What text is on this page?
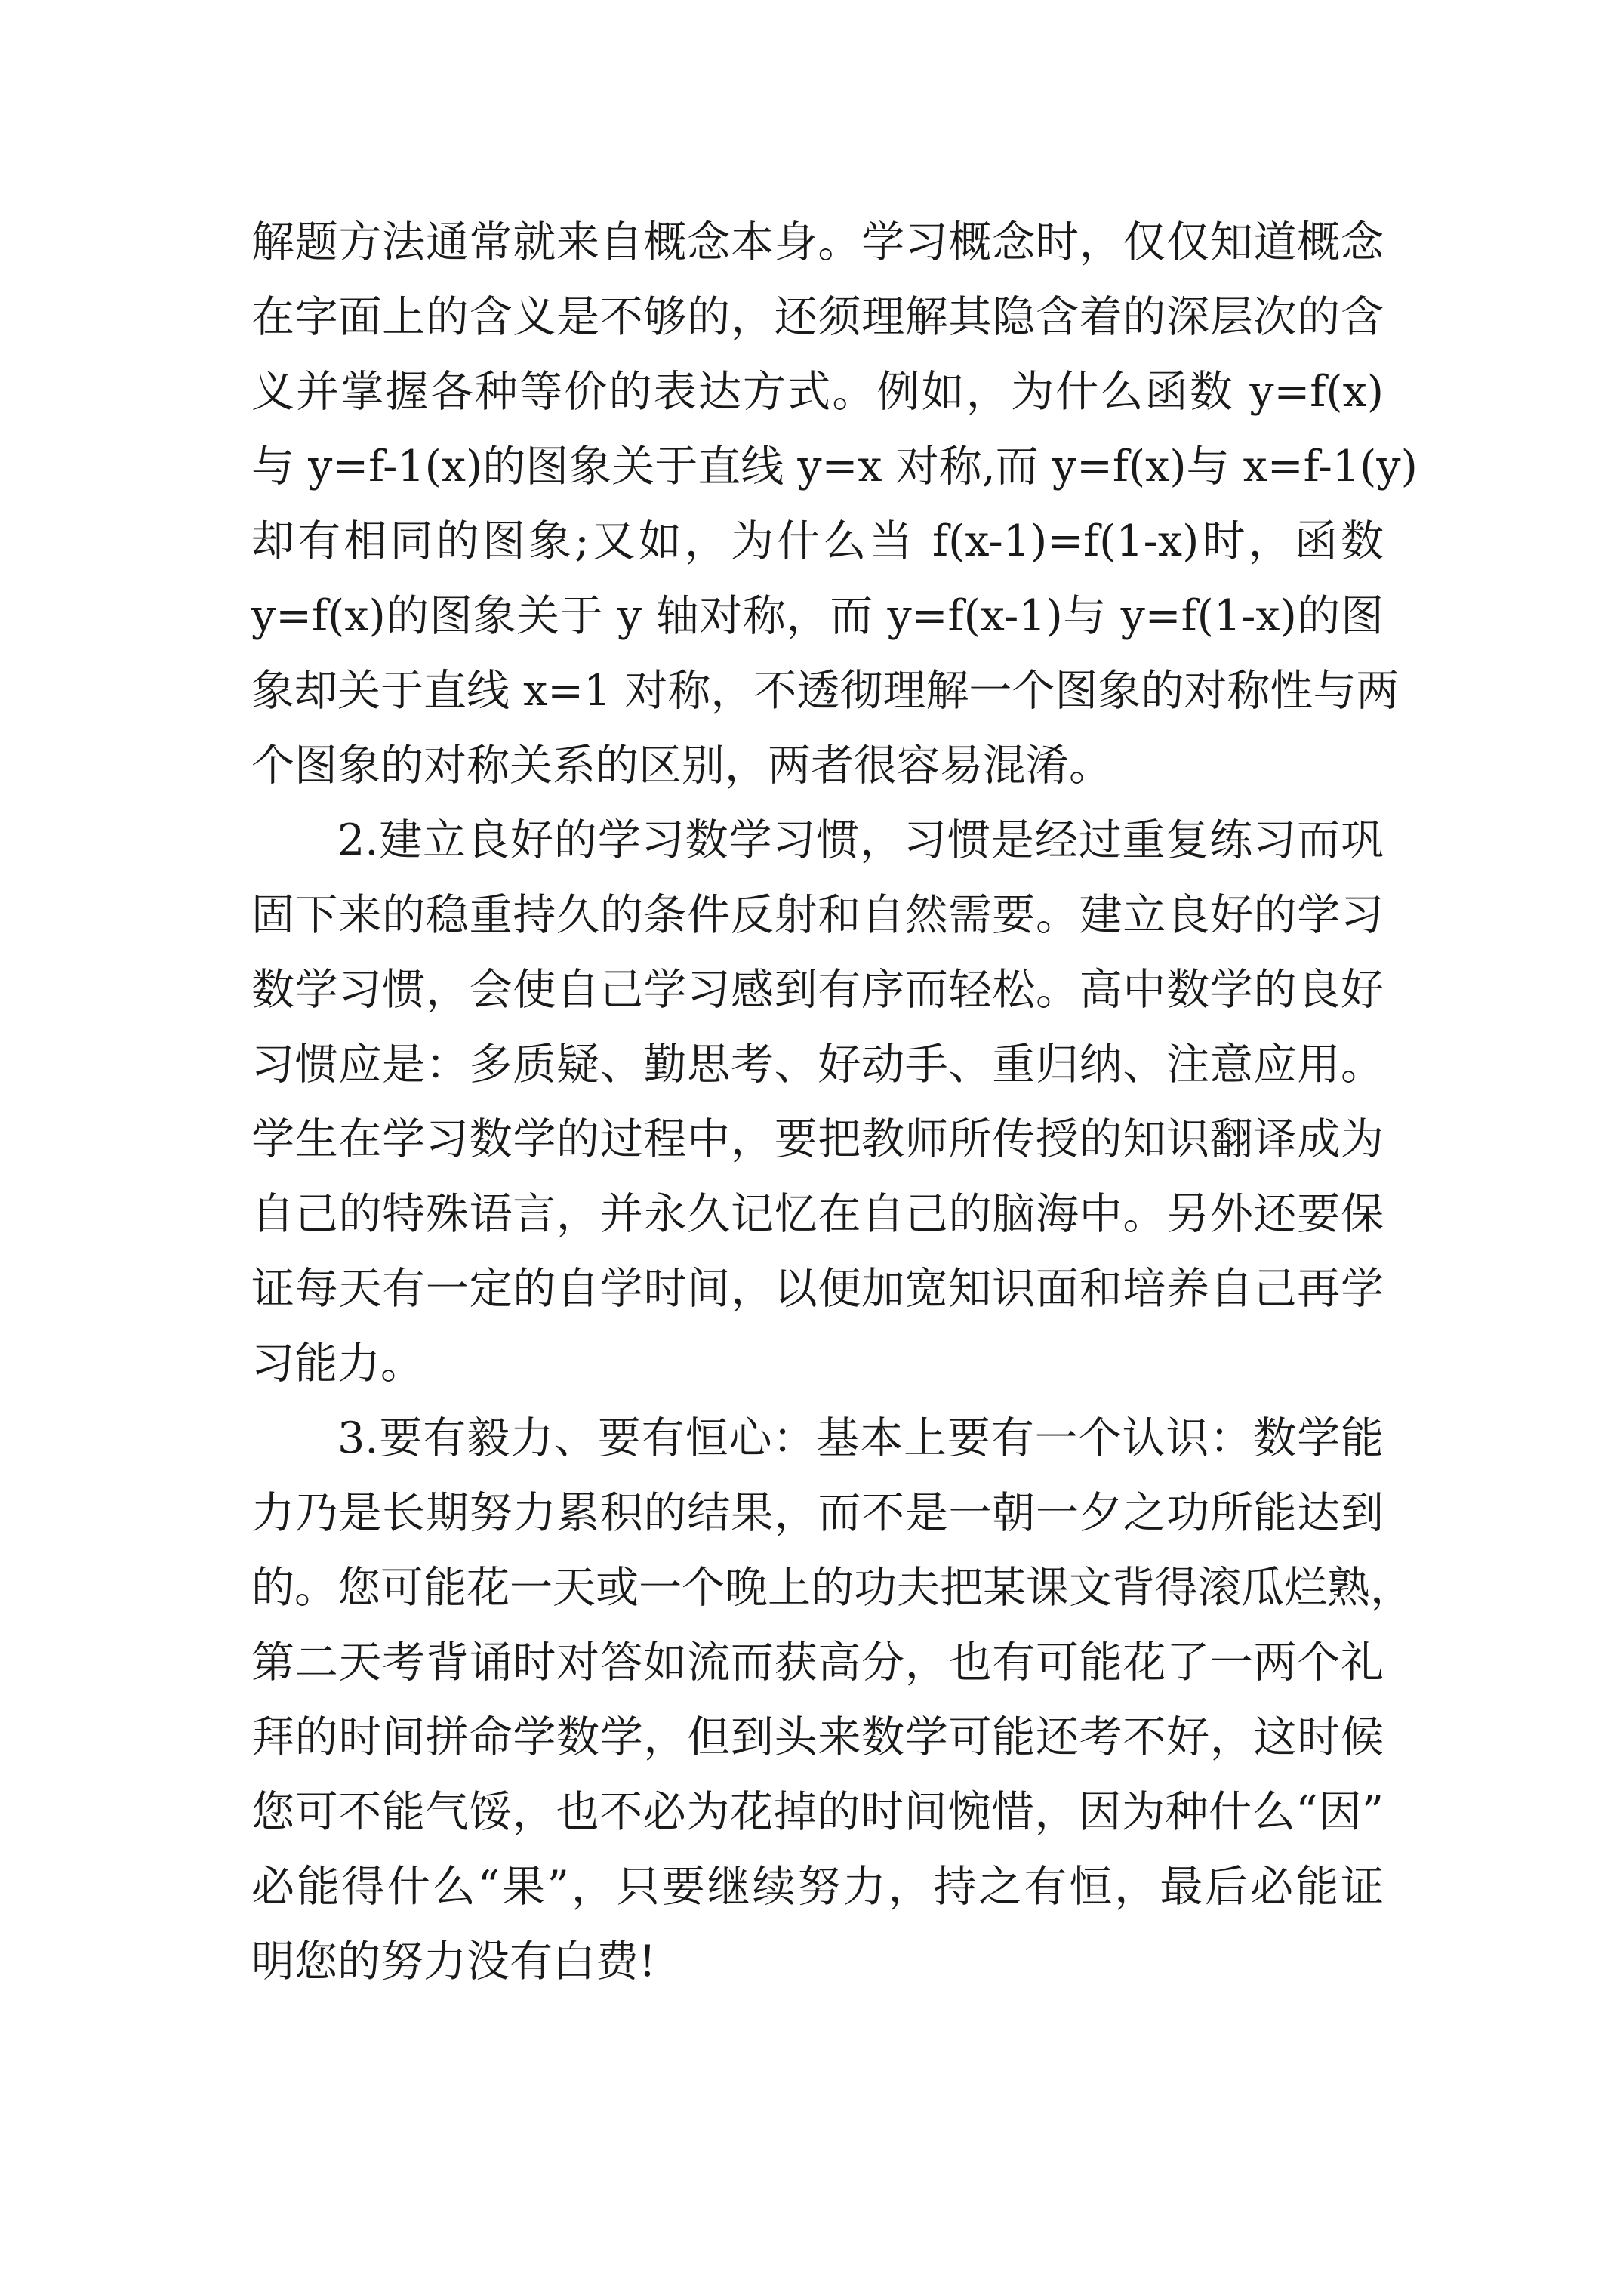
解题方法通常就来自概念本身。学习概念时，仅仅知道概念
在字面上的含义是不够的，还须理解其隐含着的深层次的含
义并掌握各种等价的表达方式。例如，为什么函数 y=f(x)
与 y=f-1(x)的图象关于直线 y=x 对称,而 y=f(x)与 x=f-1(y)
却有相同的图象;又如，为什么当 f(x-1)=f(1-x)时，函数
y=f(x)的图象关于 y 轴对称，而 y=f(x-1)与 y=f(1-x)的图
象却关于直线 x=1 对称，不透彻理解一个图象的对称性与两
个图象的对称关系的区别，两者很容易混淆。
2.建立良好的学习数学习惯，习惯是经过重复练习而巩
固下来的稳重持久的条件反射和自然需要。建立良好的学习
数学习惯，会使自己学习感到有序而轻松。高中数学的良好
习惯应是：多质疑、勤思考、好动手、重归纳、注意应用。
学生在学习数学的过程中，要把教师所传授的知识翻译成为
自己的特殊语言，并永久记忆在自己的脑海中。另外还要保
证每天有一定的自学时间，以便加宽知识面和培养自己再学
习能力。
3.要有毅力、要有恒心：基本上要有一个认识：数学能
力乃是长期努力累积的结果，而不是一朝一夕之功所能达到
的。您可能花一天或一个晚上的功夫把某课文背得滚瓜烂熟，
第二天考背诵时对答如流而获高分，也有可能花了一两个礼
拜的时间拼命学数学，但到头来数学可能还考不好，这时候
您可不能气馁，也不必为花掉的时间惋惜，因为种什么“因”
必能得什么“果”，只要继续努力，持之有恒，最后必能证
明您的努力没有白费!
